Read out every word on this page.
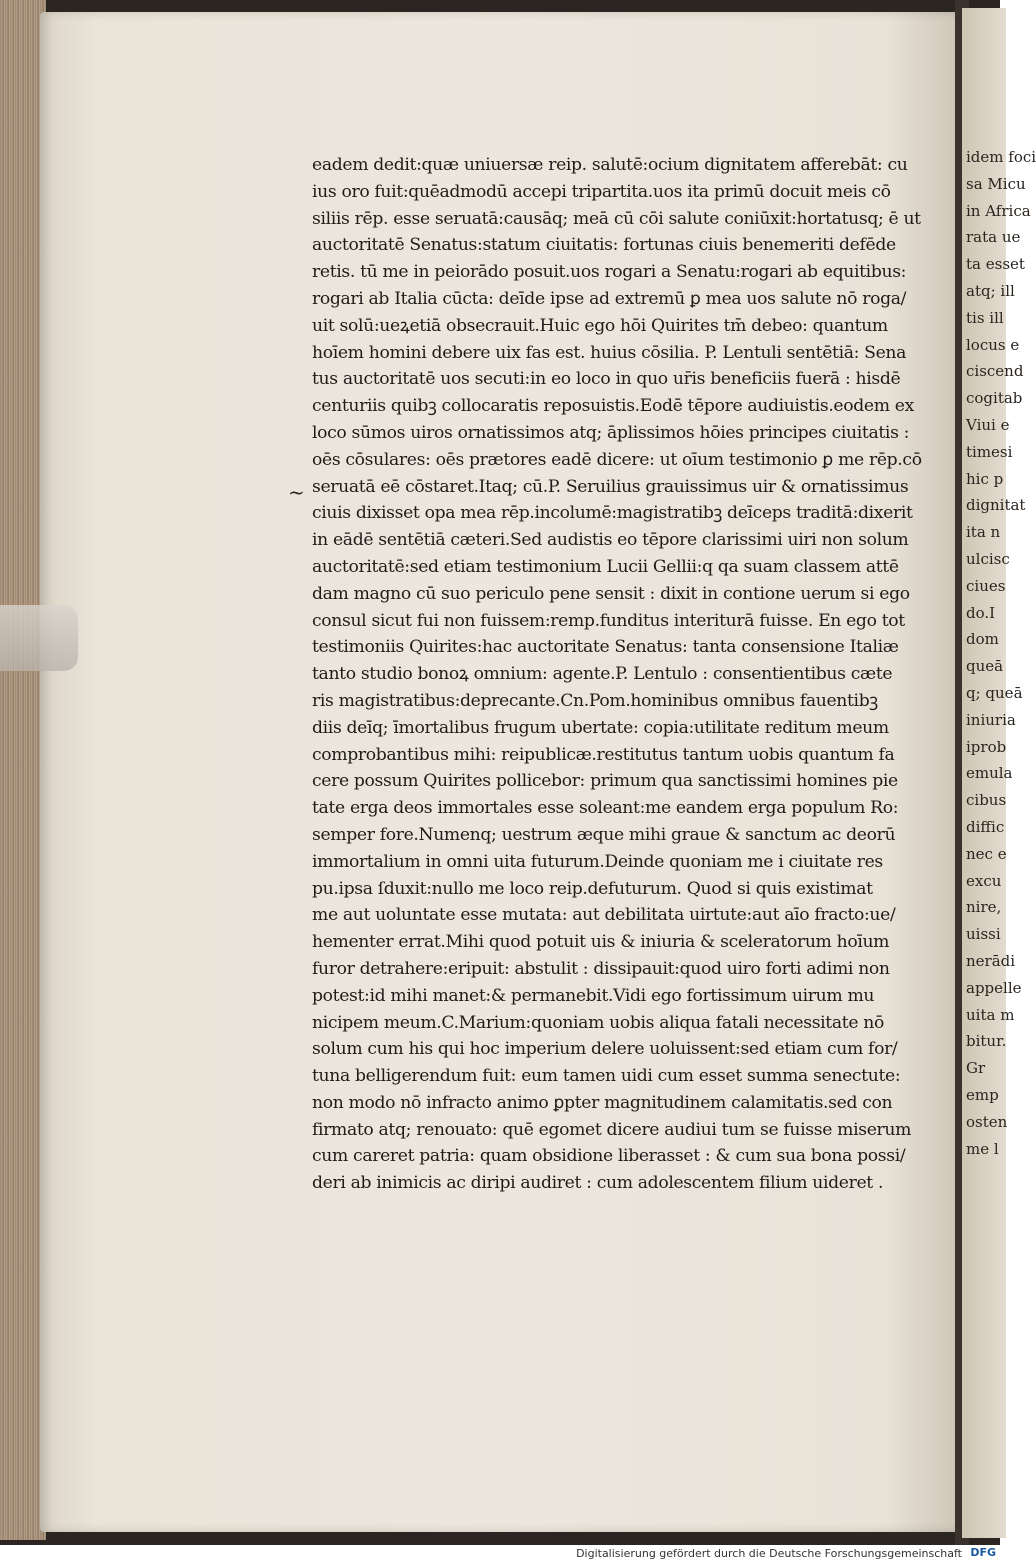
idem foci
sa Micu
in Africa
rata ue
ta esset
atq; ill
tis ill
locus e
ciscend
cogitab
Viui e
timesi
hic p
dignitat
ita n
ulcisc
ciues
do.I
dom
queā
q; queā
iniuria
iprob
emula
cibus
diffic
nec e
excu
nire,
uissi
nerādi
appelle
uita m
bitur.
Gr
emp
osten
me l
~
eadem dedit:quæ uniuersæ reip. salutē:ocium dignitatem afferebāt: cu
ius oro fuit:quēadmodū accepi tripartita.uos ita primū docuit meis cō
siliis rēp. esse seruatā:causāq; meā cū cōi salute coniūxit:hortatusq; ē ut
auctoritatē Senatus:statum ciuitatis: fortunas ciuis benemeriti defēde
retis. tū me in peiorādo posuit.uos rogari a Senatu:rogari ab equitibus:
rogari ab Italia cūcta: deīde ipse ad extremū ꝑ mea uos salute nō roga/
uit solū:ueꝝetiā obsecrauit.Huic ego hōi Quirites tm̄ debeo: quantum
hoīem homini debere uix fas est. huius cōsilia. P. Lentuli sentētiā: Sena
tus auctoritatē uos secuti:in eo loco in quo ur̄is beneficiis fuerā : hisdē
centuriis quibꝫ collocaratis reposuistis.Eodē tēpore audiuistis.eodem ex
loco sūmos uiros ornatissimos atq; āplissimos hōies principes ciuitatis :
oēs cōsulares: oēs prætores eadē dicere: ut oīum testimonio ꝑ me rēp.cō
seruatā eē cōstaret.Itaq; cū.P. Seruilius grauissimus uir & ornatissimus
ciuis dixisset opa mea rēp.incolumē:magistratibꝫ deīceps traditā:dixerit
in eādē sentētiā cæteri.Sed audistis eo tēpore clarissimi uiri non solum
auctoritatē:sed etiam testimonium Lucii Gellii:q qa suam classem attē
dam magno cū suo periculo pene sensit : dixit in contione uerum si ego
consul sicut fui non fuissem:remp.funditus interiturā fuisse. En ego tot
testimoniis Quirites:hac auctoritate Senatus: tanta consensione Italiæ
tanto studio bonoꝝ omnium: agente.P. Lentulo : consentientibus cæte
ris magistratibus:deprecante.Cn.Pom.hominibus omnibus fauentibꝫ
diis deīq; īmortalibus frugum ubertate: copia:utilitate reditum meum
comprobantibus mihi: reipublicæ.restitutus tantum uobis quantum fa
cere possum Quirites pollicebor: primum qua sanctissimi homines pie
tate erga deos immortales esse soleant:me eandem erga populum Ro:
semper fore.Numenq; uestrum æque mihi graue & sanctum ac deorū
immortalium in omni uita futurum.Deinde quoniam me i ciuitate res
pu.ipsa ſduxit:nullo me loco reip.defuturum. Quod si quis existimat
me aut uoluntate esse mutata: aut debilitata uirtute:aut aīo fracto:ue/
hementer errat.Mihi quod potuit uis & iniuria & sceleratorum hoīum
furor detrahere:eripuit: abstulit : dissipauit:quod uiro forti adimi non
potest:id mihi manet:& permanebit.Vidi ego fortissimum uirum mu
nicipem meum.C.Marium:quoniam uobis aliqua fatali necessitate nō
solum cum his qui hoc imperium delere uoluissent:sed etiam cum for/
tuna belligerendum fuit: eum tamen uidi cum esset summa senectute:
non modo nō infracto animo ꝑpter magnitudinem calamitatis.sed con
firmato atq; renouato: quē egomet dicere audiui tum se fuisse miserum
cum careret patria: quam obsidione liberasset : & cum sua bona possi/
deri ab inimicis ac diripi audiret : cum adolescentem filium uideret .
Digitalisierung gefördert durch die Deutsche Forschungsgemeinschaft DFG
